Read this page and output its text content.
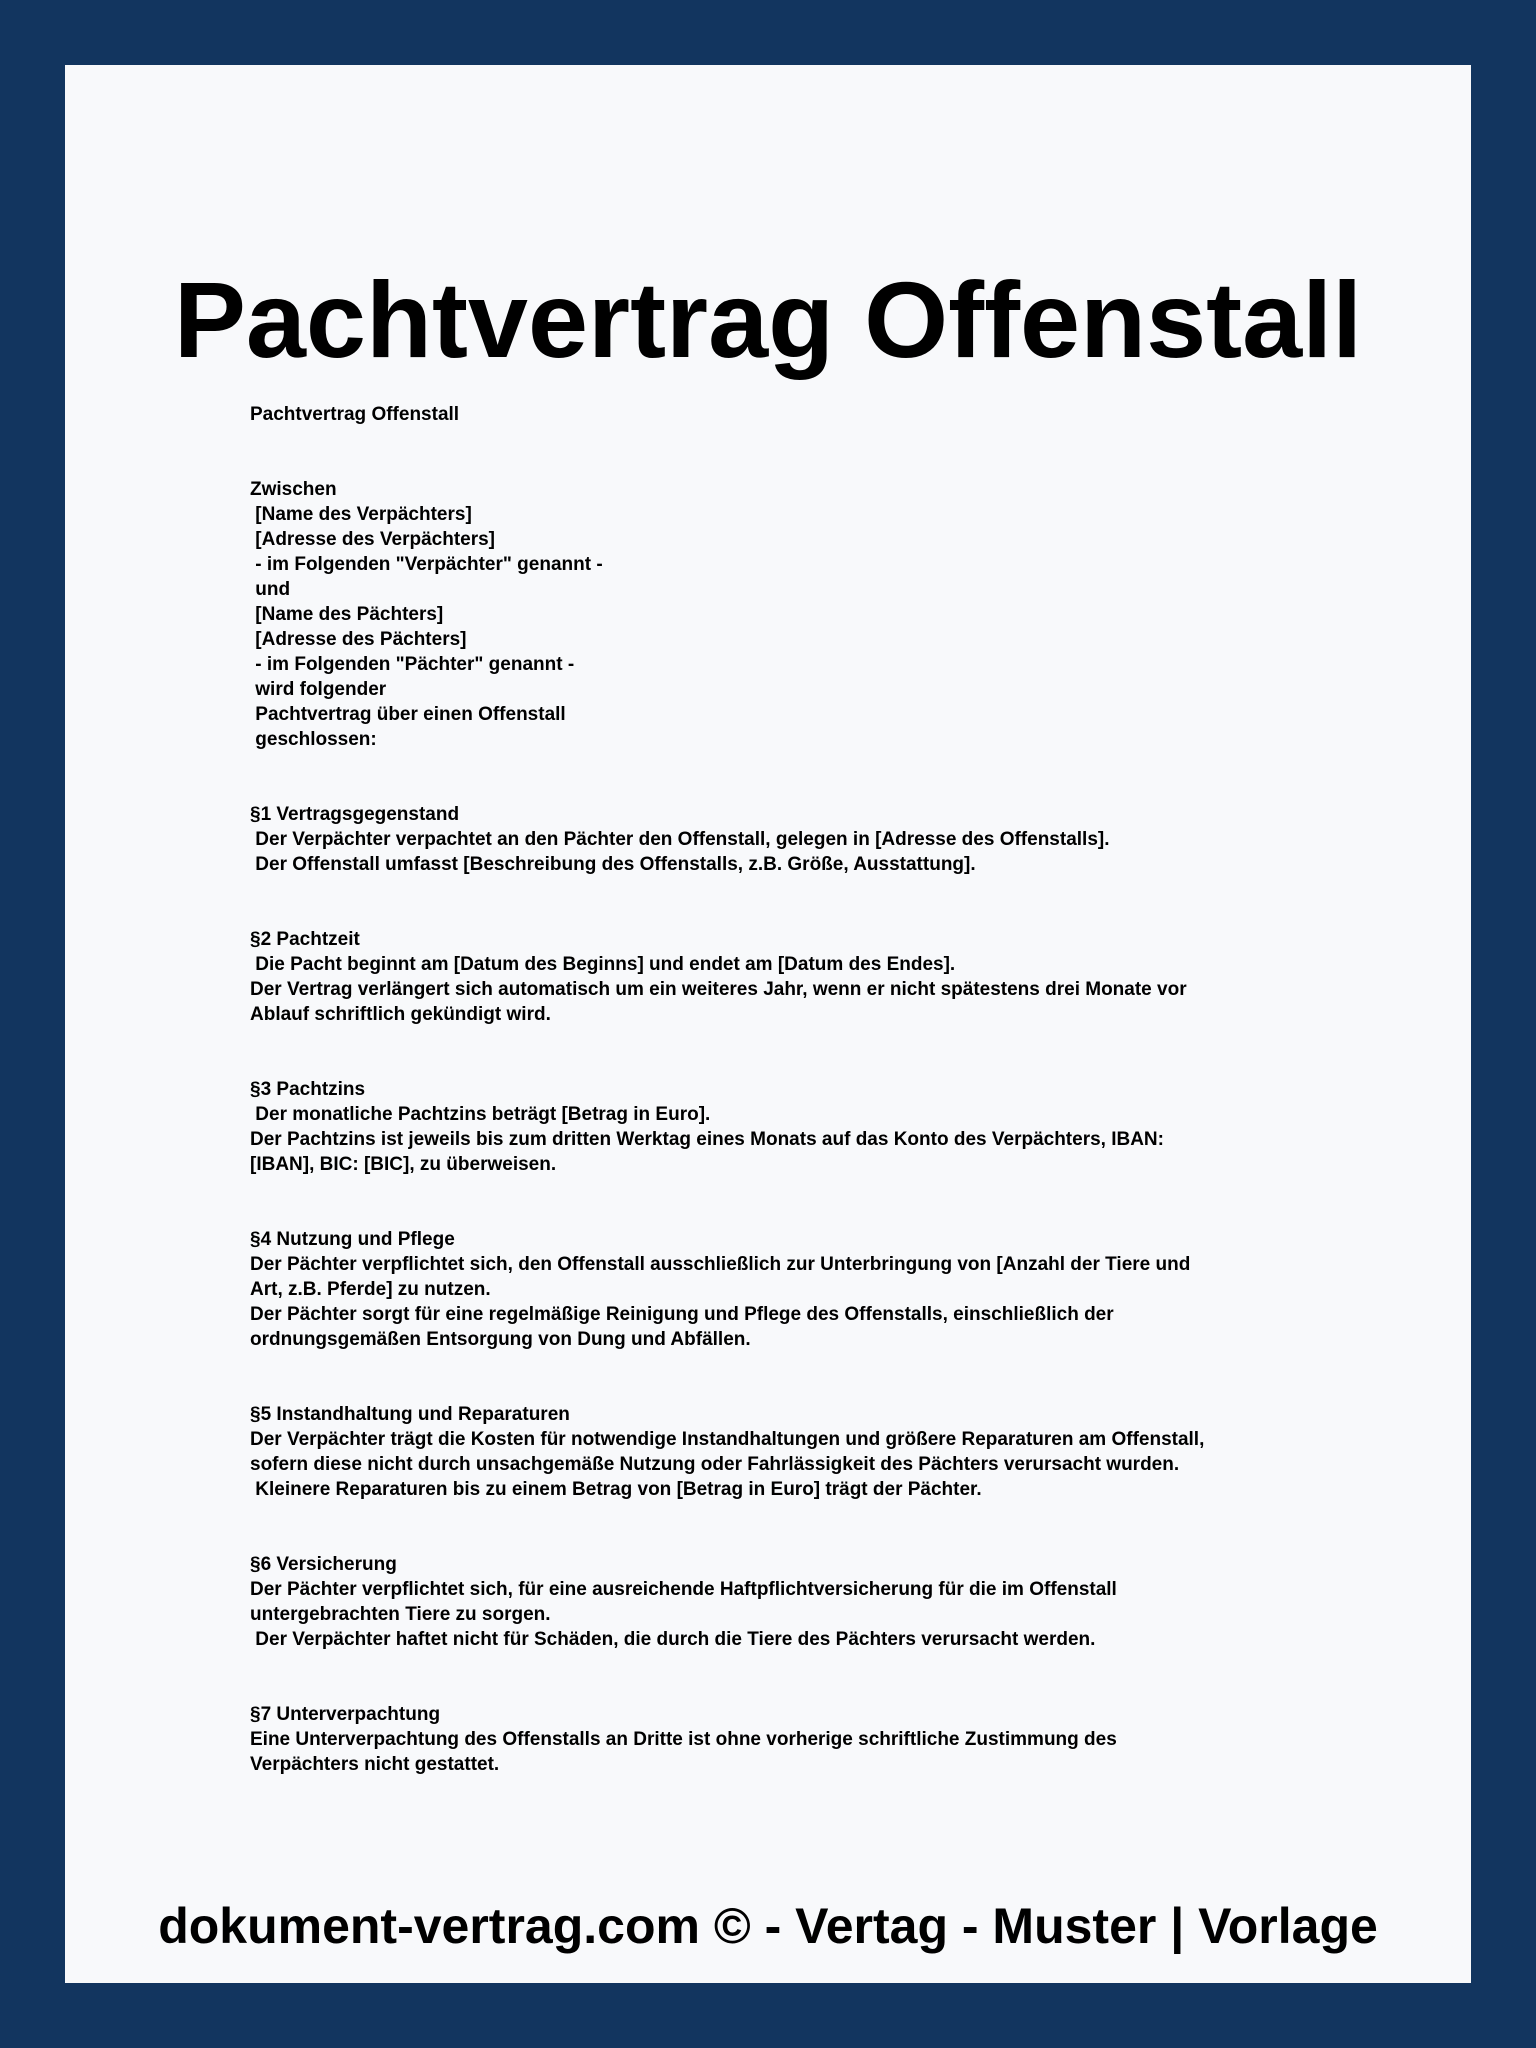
Pachtvertrag Offenstall

Pachtvertrag Offenstall

Zwischen
[Name des Verpächters]
[Adresse des Verpächters]
- im Folgenden "Verpächter" genannt -
und
[Name des Pächters]
[Adresse des Pächters]
- im Folgenden "Pächter" genannt -
wird folgender
Pachtvertrag über einen Offenstall
geschlossen:

§1 Vertragsgegenstand
Der Verpächter verpachtet an den Pächter den Offenstall, gelegen in [Adresse des Offenstalls].
Der Offenstall umfasst [Beschreibung des Offenstalls, z.B. Größe, Ausstattung].

§2 Pachtzeit
Die Pacht beginnt am [Datum des Beginns] und endet am [Datum des Endes].
Der Vertrag verlängert sich automatisch um ein weiteres Jahr, wenn er nicht spätestens drei Monate vor
Ablauf schriftlich gekündigt wird.

§3 Pachtzins
Der monatliche Pachtzins beträgt [Betrag in Euro].
Der Pachtzins ist jeweils bis zum dritten Werktag eines Monats auf das Konto des Verpächters, IBAN:
[IBAN], BIC: [BIC], zu überweisen.

§4 Nutzung und Pflege
Der Pächter verpflichtet sich, den Offenstall ausschließlich zur Unterbringung von [Anzahl der Tiere und
Art, z.B. Pferde] zu nutzen.
Der Pächter sorgt für eine regelmäßige Reinigung und Pflege des Offenstalls, einschließlich der
ordnungsgemäßen Entsorgung von Dung und Abfällen.

§5 Instandhaltung und Reparaturen
Der Verpächter trägt die Kosten für notwendige Instandhaltungen und größere Reparaturen am Offenstall,
sofern diese nicht durch unsachgemäße Nutzung oder Fahrlässigkeit des Pächters verursacht wurden.
Kleinere Reparaturen bis zu einem Betrag von [Betrag in Euro] trägt der Pächter.

§6 Versicherung
Der Pächter verpflichtet sich, für eine ausreichende Haftpflichtversicherung für die im Offenstall
untergebrachten Tiere zu sorgen.
Der Verpächter haftet nicht für Schäden, die durch die Tiere des Pächters verursacht werden.

§7 Unterverpachtung
Eine Unterverpachtung des Offenstalls an Dritte ist ohne vorherige schriftliche Zustimmung des
Verpächters nicht gestattet.

dokument-vertrag.com © - Vertag - Muster | Vorlage
